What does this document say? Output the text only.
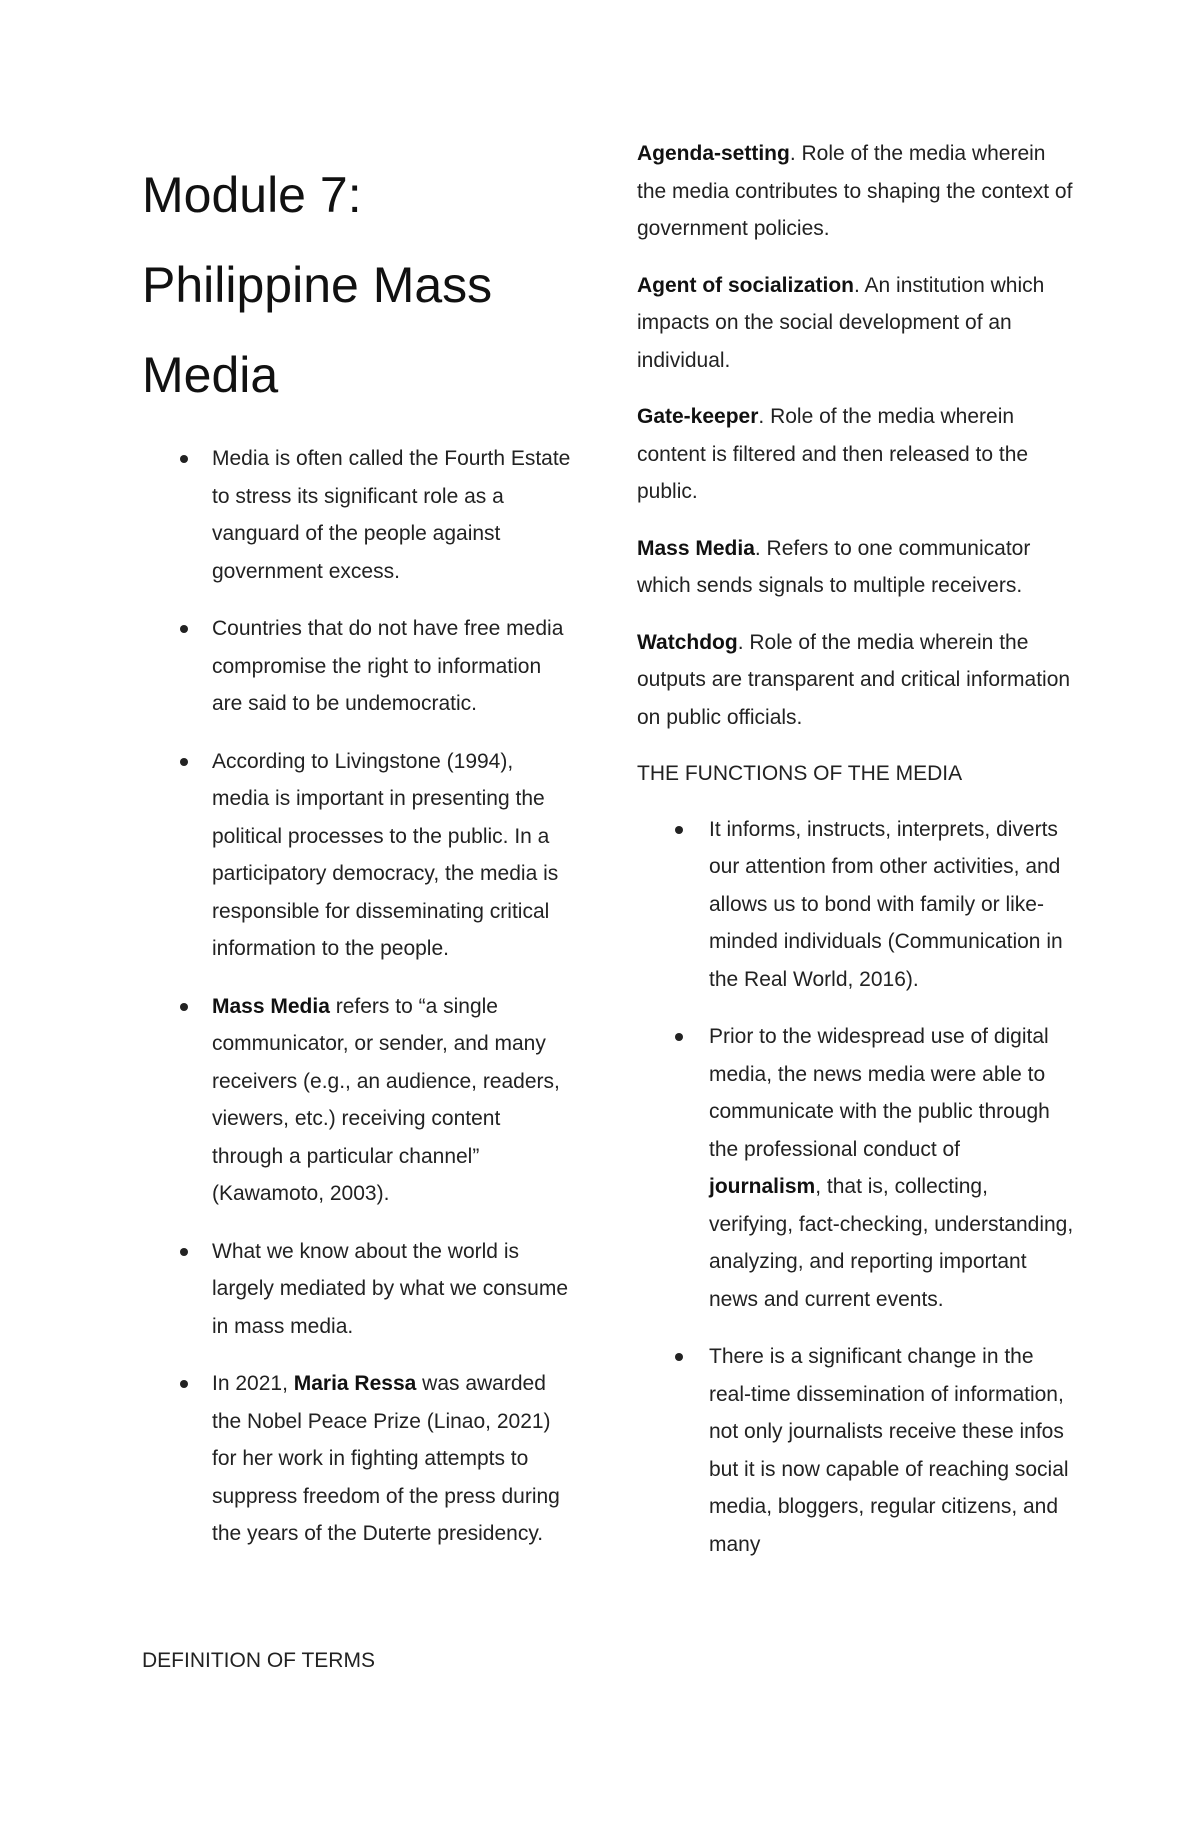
Module 7:
Philippine Mass
Media
Media is often called the Fourth Estate to stress its significant role as a vanguard of the people against government excess.
Countries that do not have free media compromise the right to information are said to be undemocratic.
According to Livingstone (1994), media is important in presenting the political processes to the public. In a participatory democracy, the media is responsible for disseminating critical information to the people.
Mass Media refers to “a single communicator, or sender, and many receivers (e.g., an audience, readers, viewers, etc.) receiving content through a particular channel” (Kawamoto, 2003).
What we know about the world is largely mediated by what we consume in mass media.
In 2021, Maria Ressa was awarded the Nobel Peace Prize (Linao, 2021) for her work in fighting attempts to suppress freedom of the press during the years of the Duterte presidency.

DEFINITION OF TERMS

Agenda-setting. Role of the media wherein the media contributes to shaping the context of government policies.

Agent of socialization. An institution which impacts on the social development of an individual.

Gate-keeper. Role of the media wherein content is filtered and then released to the public.

Mass Media. Refers to one communicator which sends signals to multiple receivers.

Watchdog. Role of the media wherein the outputs are transparent and critical information on public officials.

THE FUNCTIONS OF THE MEDIA

It informs, instructs, interprets, diverts our attention from other activities, and allows us to bond with family or like-minded individuals (Communication in the Real World, 2016).
Prior to the widespread use of digital media, the news media were able to communicate with the public through the professional conduct of journalism, that is, collecting, verifying, fact-checking, understanding, analyzing, and reporting important news and current events.
There is a significant change in the real-time dissemination of information, not only journalists receive these infos but it is now capable of reaching social media, bloggers, regular citizens, and many
